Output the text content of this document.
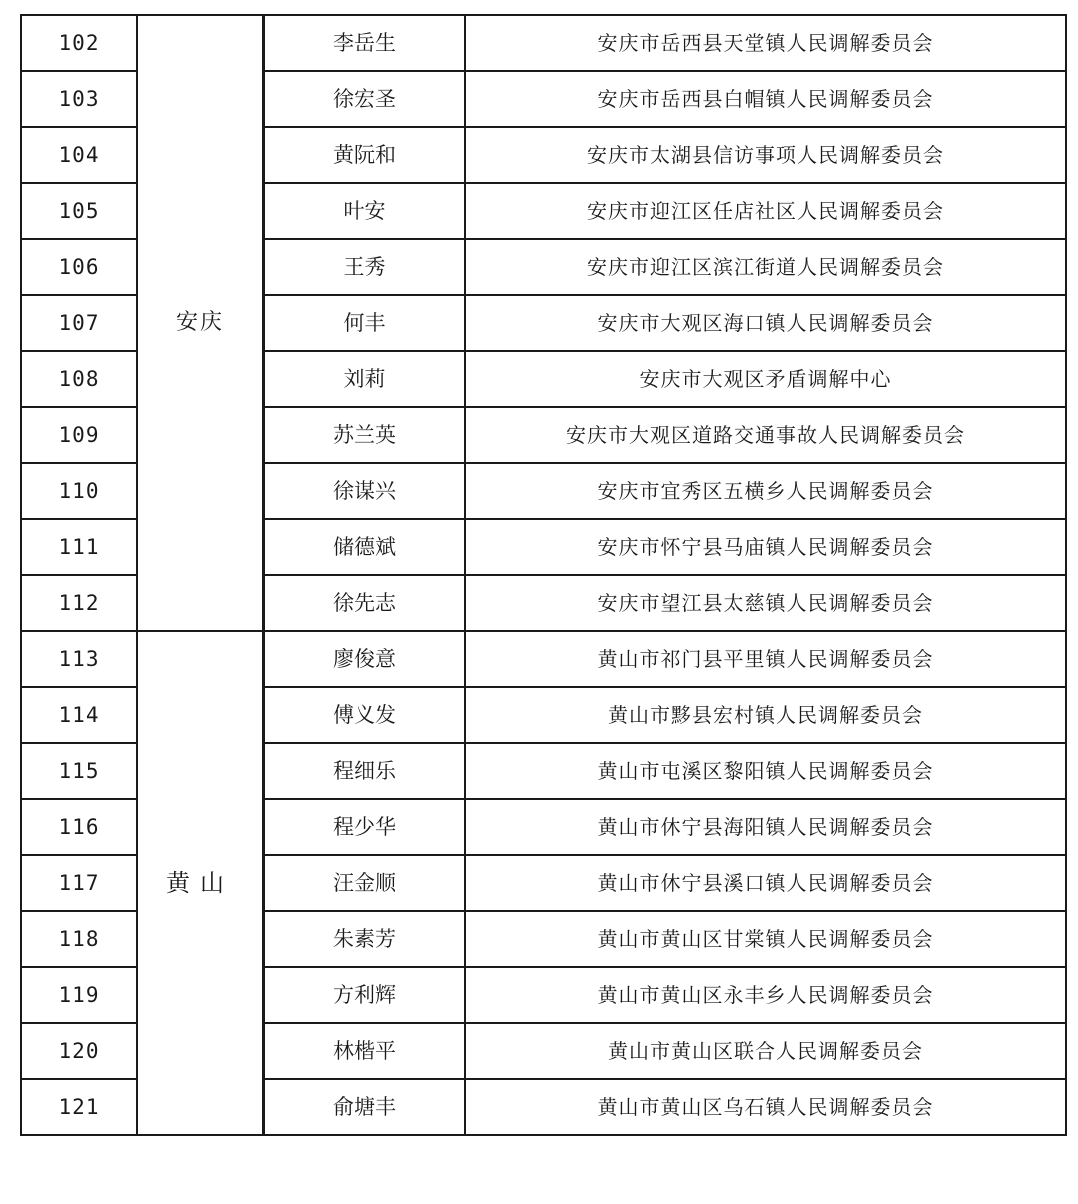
102	安庆		李岳生	安庆市岳西县天堂镇人民调解委员会
103		徐宏圣	安庆市岳西县白帽镇人民调解委员会
104		黄阮和	安庆市太湖县信访事项人民调解委员会
105		叶安	安庆市迎江区任店社区人民调解委员会
106		王秀	安庆市迎江区滨江街道人民调解委员会
107		何丰	安庆市大观区海口镇人民调解委员会
108		刘莉	安庆市大观区矛盾调解中心
109		苏兰英	安庆市大观区道路交通事故人民调解委员会
110		徐谋兴	安庆市宜秀区五横乡人民调解委员会
111		储德斌	安庆市怀宁县马庙镇人民调解委员会
112		徐先志	安庆市望江县太慈镇人民调解委员会
113	黄山		廖俊意	黄山市祁门县平里镇人民调解委员会
114		傅义发	黄山市黟县宏村镇人民调解委员会
115		程细乐	黄山市屯溪区黎阳镇人民调解委员会
116		程少华	黄山市休宁县海阳镇人民调解委员会
117		汪金顺	黄山市休宁县溪口镇人民调解委员会
118		朱素芳	黄山市黄山区甘棠镇人民调解委员会
119		方利辉	黄山市黄山区永丰乡人民调解委员会
120		林楷平	黄山市黄山区联合人民调解委员会
121		俞塘丰	黄山市黄山区乌石镇人民调解委员会
